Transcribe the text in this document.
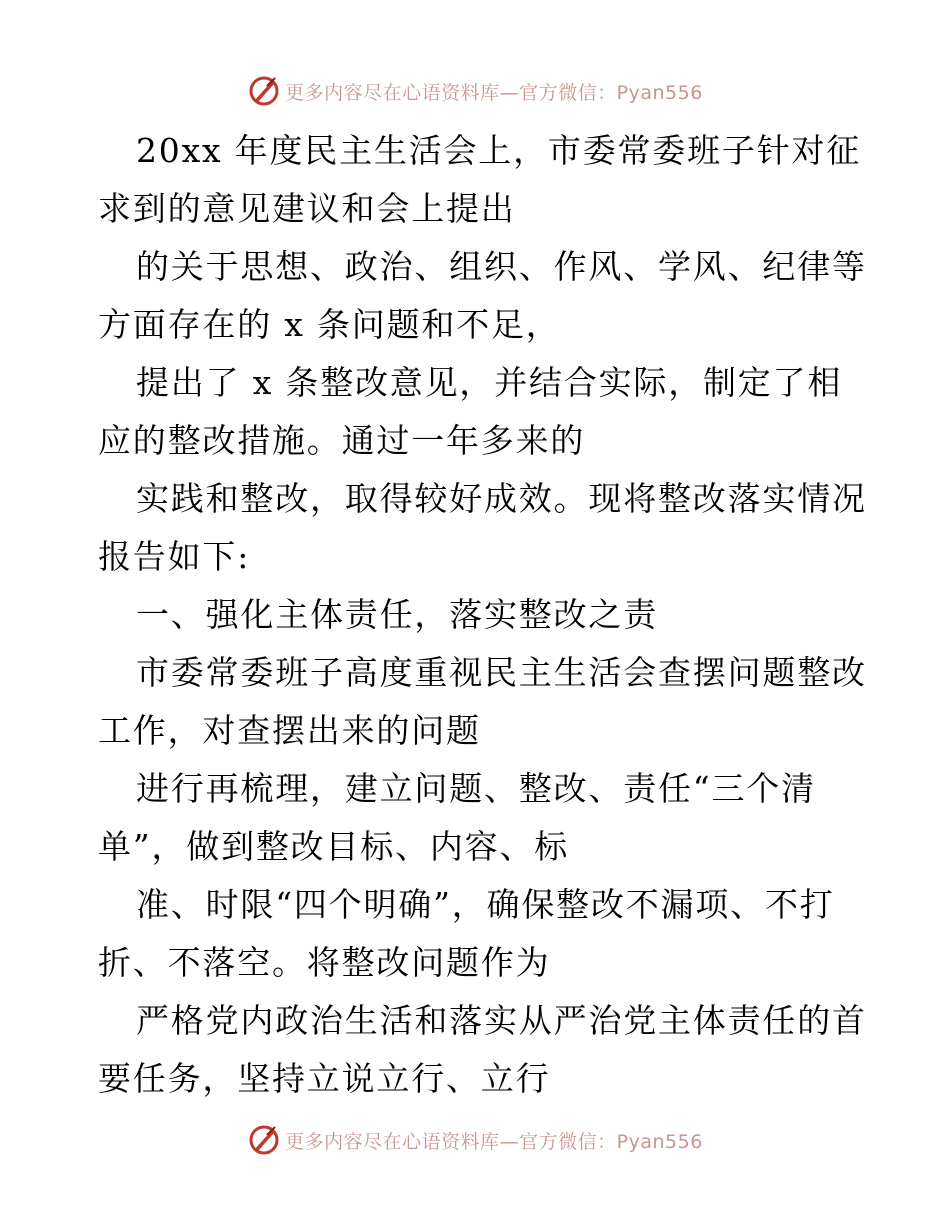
更多内容尽在心语资料库—官方微信：Pyan556
20xx 年度民主生活会上，市委常委班子针对征
求到的意见建议和会上提出
的关于思想、政治、组织、作风、学风、纪律等
方面存在的 x 条问题和不足，
提出了 x 条整改意见，并结合实际，制定了相
应的整改措施。通过一年多来的
实践和整改，取得较好成效。现将整改落实情况
报告如下:
一、强化主体责任，落实整改之责
市委常委班子高度重视民主生活会查摆问题整改
工作，对查摆出来的问题
进行再梳理，建立问题、整改、责任“三个清
单”，做到整改目标、内容、标
准、时限“四个明确”，确保整改不漏项、不打
折、不落空。将整改问题作为
严格党内政治生活和落实从严治党主体责任的首
要任务，坚持立说立行、立行
更多内容尽在心语资料库—官方微信：Pyan556
